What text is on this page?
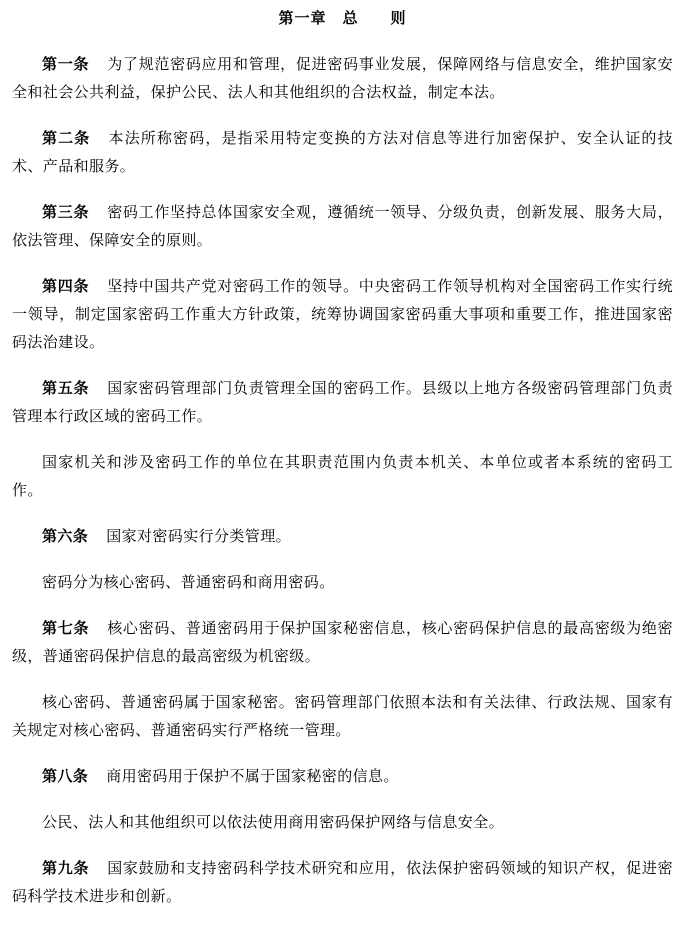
第一章　总　　则

第一条 为了规范密码应用和管理，促进密码事业发展，保障网络与信息安全，维护国家安全和社会公共利益，保护公民、法人和其他组织的合法权益，制定本法。

第二条 本法所称密码，是指采用特定变换的方法对信息等进行加密保护、安全认证的技术、产品和服务。

第三条 密码工作坚持总体国家安全观，遵循统一领导、分级负责，创新发展、服务大局，依法管理、保障安全的原则。

第四条 坚持中国共产党对密码工作的领导。中央密码工作领导机构对全国密码工作实行统一领导，制定国家密码工作重大方针政策，统筹协调国家密码重大事项和重要工作，推进国家密码法治建设。

第五条 国家密码管理部门负责管理全国的密码工作。县级以上地方各级密码管理部门负责管理本行政区域的密码工作。

国家机关和涉及密码工作的单位在其职责范围内负责本机关、本单位或者本系统的密码工作。

第六条 国家对密码实行分类管理。

密码分为核心密码、普通密码和商用密码。

第七条 核心密码、普通密码用于保护国家秘密信息，核心密码保护信息的最高密级为绝密级，普通密码保护信息的最高密级为机密级。

核心密码、普通密码属于国家秘密。密码管理部门依照本法和有关法律、行政法规、国家有关规定对核心密码、普通密码实行严格统一管理。

第八条 商用密码用于保护不属于国家秘密的信息。

公民、法人和其他组织可以依法使用商用密码保护网络与信息安全。

第九条 国家鼓励和支持密码科学技术研究和应用，依法保护密码领域的知识产权，促进密码科学技术进步和创新。
